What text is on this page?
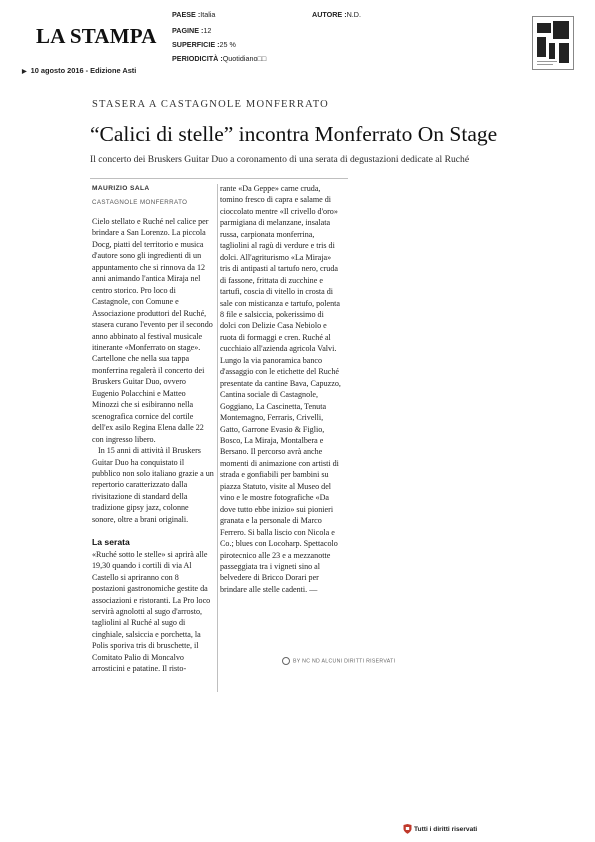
LA STAMPA
PAESE :Italia
PAGINE :12
SUPERFICIE :25 %
PERIODICITÀ :Quotidiano□□
AUTORE :N.D.
▶ 10 agosto 2016 - Edizione Asti
STASERA A CASTAGNOLE MONFERRATO
“Calici di stelle” incontra Monferrato On Stage
Il concerto dei Bruskers Guitar Duo a coronamento di una serata di degustazioni dedicate al Ruché
MAURIZIO SALA
CASTAGNOLE MONFERRATO

Cielo stellato e Ruché nel calice per brindare a San Lorenzo. La piccola Docg, piatti del territorio e musica d'autore sono gli ingredienti di un appuntamento che si rinnova da 12 anni animando l'antica Miraja nel centro storico. Pro loco di Castagnole, con Comune e Associazione produttori del Ruché, stasera curano l'evento per il secondo anno abbinato al festival musicale itinerante «Monferrato on stage». Cartellone che nella sua tappa monferrina regalerà il concerto dei Bruskers Guitar Duo, ovvero Eugenio Polacchini e Matteo Minozzi che si esibiranno nella scenografica cornice del cortile dell'ex asilo Regina Elena dalle 22 con ingresso libero.

In 15 anni di attività il Bruskers Guitar Duo ha conquistato il pubblico non solo italiano grazie a un repertorio caratterizzato dalla rivisitazione di standard della tradizione gipsy jazz, colonne sonore, oltre a brani originali.

La serata

«Ruché sotto le stelle» si aprirà alle 19,30 quando i cortili di via Al Castello si apriranno con 8 postazioni gastronomiche gestite da associazioni e ristoranti. La Pro loco servirà agnolotti al sugo d'arrosto, tagliolini al Ruché al sugo di cinghiale, salsiccia e porchetta, la Polis sporiva tris di bruschette, il Comitato Palio di Moncalvo arrosticini e patatine. Il risto-

rante «Da Geppe» carne cruda, tomino fresco di capra e salame di cioccolato mentre «Il crivello d'oro» parmigiana di melanzane, insalata russa, carpionata monferrina, tagliolini al ragù di verdure e tris di dolci. All'agriturismo «La Miraja» tris di antipasti al tartufo nero, cruda di fassone, frittata di zucchine e tartufi, coscia di vitello in crosta di sale con misticanza e tartufo, polenta 8 file e salsiccia, pokerissimo di dolci con Delizie Casa Nebiolo e ruota di formaggi e cren. Ruché al cucchiaio all'azienda agricola Valvi. Lungo la via panoramica banco d'assaggio con le etichette del Ruché presentate da cantine Bava, Capuzzo, Cantina sociale di Castagnole, Goggiano, La Cascinetta, Tenuta Montemagno, Ferraris, Crivelli, Gatto, Garrone Evasio & Figlio, Bosco, La Miraja, Montalbera e Bersano. Il percorso avrà anche momenti di animazione con artisti di strada e gonfiabili per bambini su piazza Statuto, visite al Museo del vino e le mostre fotografiche «Da dove tutto ebbe inizio» sui pionieri granata e la personale di Marco Ferrero. Si balla liscio con Nicola e Co.; blues con Locoharp. Spettacolo pirotecnico alle 23 e a mezzanotte passeggiata tra i vigneti sino al belvedere di Bricco Dorari per brindare alle stelle cadenti. —

BY NC ND ALCUNI DIRITTI RISERVATI
Tutti i diritti riservati
